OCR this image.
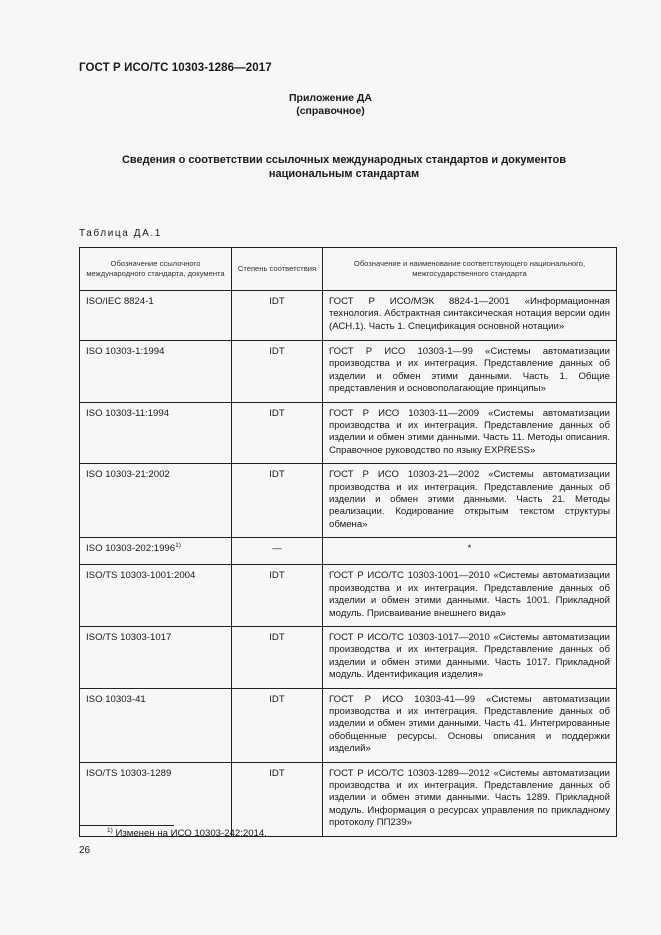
ГОСТ Р ИСО/ТС 10303-1286—2017
Приложение ДА
(справочное)
Сведения о соответствии ссылочных международных стандартов и документов
национальным стандартам
Таблица ДА.1
Обозначение ссылочного международного стандарта, документа	Степень соответствия	Обозначение и наименование соответствующего национального, межгосударственного стандарта
ISO/IEC 8824-1	IDT	ГОСТ Р ИСО/МЭК 8824-1—2001 «Информационная технология. Абстрактная синтаксическая нотация версии один (АСН.1). Часть 1. Спецификация основной нотации»
ISO 10303-1:1994	IDT	ГОСТ Р ИСО 10303-1—99 «Системы автоматизации производства и их интеграция. Представление данных об изделии и обмен этими данными. Часть 1. Общие представления и основополагающие принципы»
ISO 10303-11:1994	IDT	ГОСТ Р ИСО 10303-11—2009 «Системы автоматизации производства и их интеграция. Представление данных об изделии и обмен этими данными. Часть 11. Методы описания. Справочное руководство по языку EXPRESS»
ISO 10303-21:2002	IDT	ГОСТ Р ИСО 10303-21—2002 «Системы автоматизации производства и их интеграция. Представление данных об изделии и обмен этими данными. Часть 21. Методы реализации. Кодирование открытым текстом структуры обмена»
ISO 10303-202:1996$^{1)}$	—	*
ISO/TS 10303-1001:2004	IDT	ГОСТ Р ИСО/ТС 10303-1001—2010 «Системы автоматизации производства и их интеграция. Представление данных об изделии и обмен этими данными. Часть 1001. Прикладной модуль. Присваивание внешнего вида»
ISO/TS 10303-1017	IDT	ГОСТ Р ИСО/ТС 10303-1017—2010 «Системы автоматизации производства и их интеграция. Представление данных об изделии и обмен этими данными. Часть 1017. Прикладной модуль. Идентификация изделия»
ISO 10303-41	IDT	ГОСТ Р ИСО 10303-41—99 «Системы автоматизации производства и их интеграция. Представление данных об изделии и обмен этими данными. Часть 41. Интегрированные обобщенные ресурсы. Основы описания и поддержки изделий»
ISO/TS 10303-1289	IDT	ГОСТ Р ИСО/ТС 10303-1289—2012 «Системы автоматизации производства и их интеграция. Представление данных об изделии и обмен этими данными. Часть 1289. Прикладной модуль. Информация о ресурсах управления по прикладному протоколу ПП239»
$^{1)}$ Изменен на ИСО 10303-242:2014.
26
